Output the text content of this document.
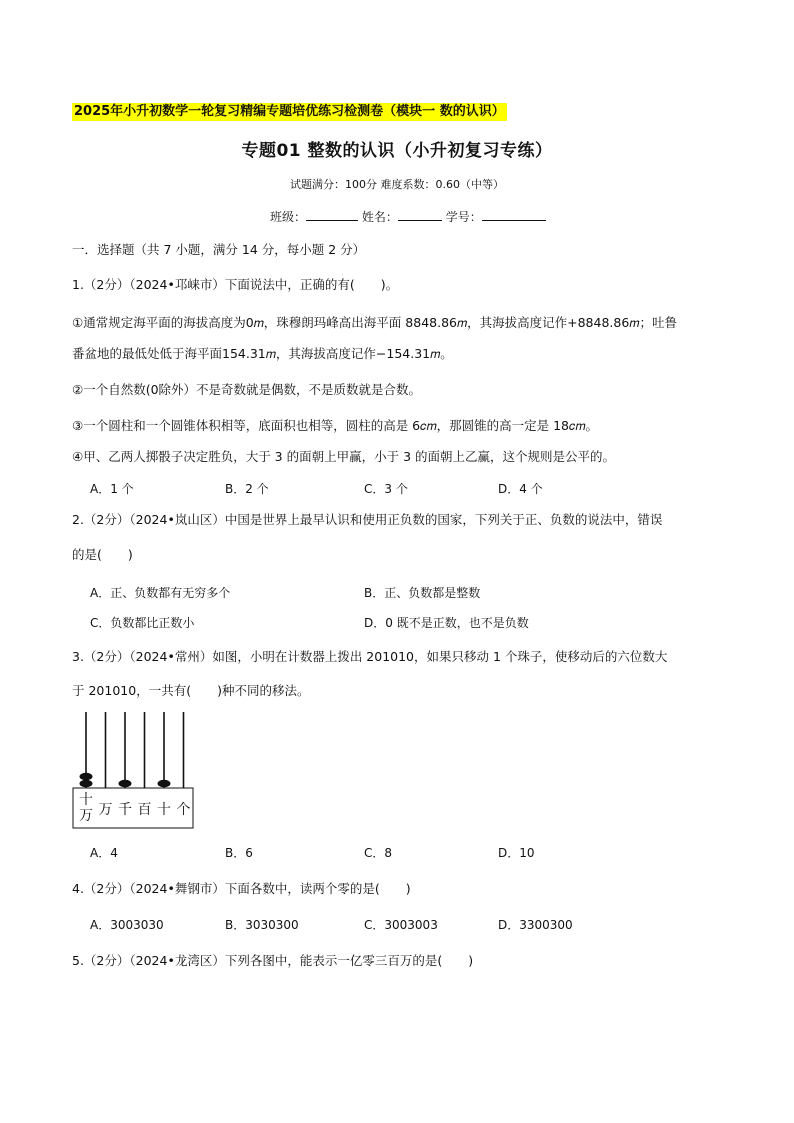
2025年小升初数学一轮复习精编专题培优练习检测卷（模块一 数的认识）
专题01 整数的认识（小升初复习专练）
试题满分：100分 难度系数：0.60（中等）
班级：	姓名：	学号：
一．选择题（共 7 小题，满分 14 分，每小题 2 分）
1.（2分）（2024•邛崃市）下面说法中，正确的有( )。
①通常规定海平面的海拔高度为0𝑚，珠穆朗玛峰高出海平面 8848.86𝑚，其海拔高度记作+8848.86𝑚；吐鲁
番盆地的最低处低于海平面154.31𝑚，其海拔高度记作−154.31𝑚。
②一个自然数(0除外）不是奇数就是偶数，不是质数就是合数。
③一个圆柱和一个圆锥体积相等，底面积也相等，圆柱的高是 6𝑐𝑚，那圆锥的高一定是 18𝑐𝑚。
④甲、乙两人掷骰子决定胜负，大于 3 的面朝上甲赢，小于 3 的面朝上乙赢，这个规则是公平的。
A．1 个	B．2 个	C．3 个	D．4 个
2.（2分）（2024•岚山区）中国是世界上最早认识和使用正负数的国家，下列关于正、负数的说法中，错误
的是( )
A．正、负数都有无穷多个	B．正、负数都是整数
C．负数都比正数小	D．0 既不是正数，也不是负数
3.（2分）（2024•常州）如图，小明在计数器上拨出 201010，如果只移动 1 个珠子，使移动后的六位数大
于 201010，一共有( )种不同的移法。
十万 万 千 百 十 个
A．4	B．6	C．8	D．10
4.（2分）（2024•舞钢市）下面各数中，读两个零的是( )
A．3003030	B．3030300	C．3003003	D．3300300
5.（2分）（2024•龙湾区）下列各图中，能表示一亿零三百万的是( )
